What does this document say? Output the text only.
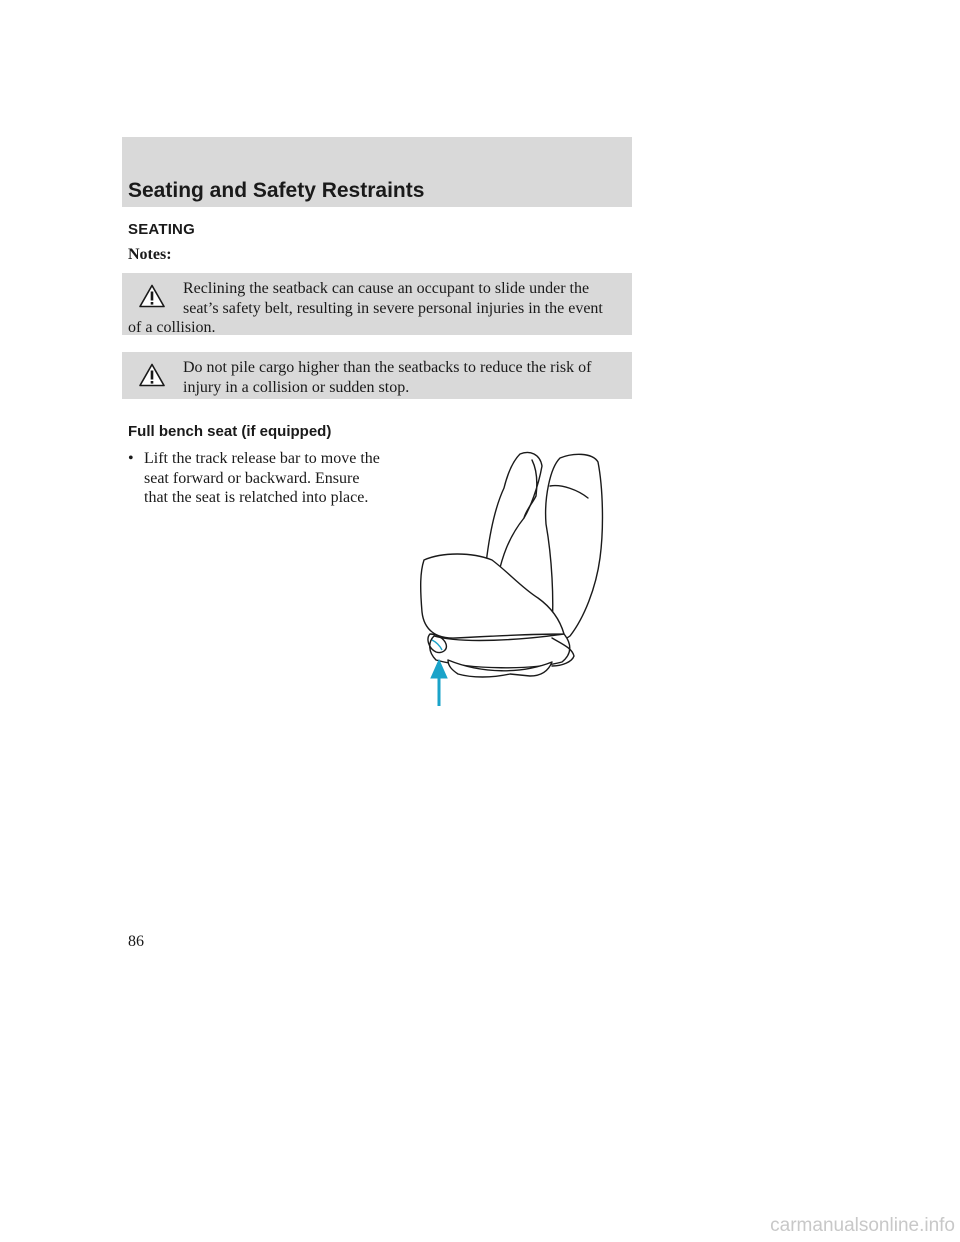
Seating and Safety Restraints
SEATING
Notes:
Reclining the seatback can cause an occupant to slide under the seat’s safety belt, resulting in severe personal injuries in the event of a collision.
Do not pile cargo higher than the seatbacks to reduce the risk of injury in a collision or sudden stop.
Full bench seat (if equipped)
• Lift the track release bar to move the seat forward or backward. Ensure that the seat is relatched into place.
86
carmanualsonline.info
